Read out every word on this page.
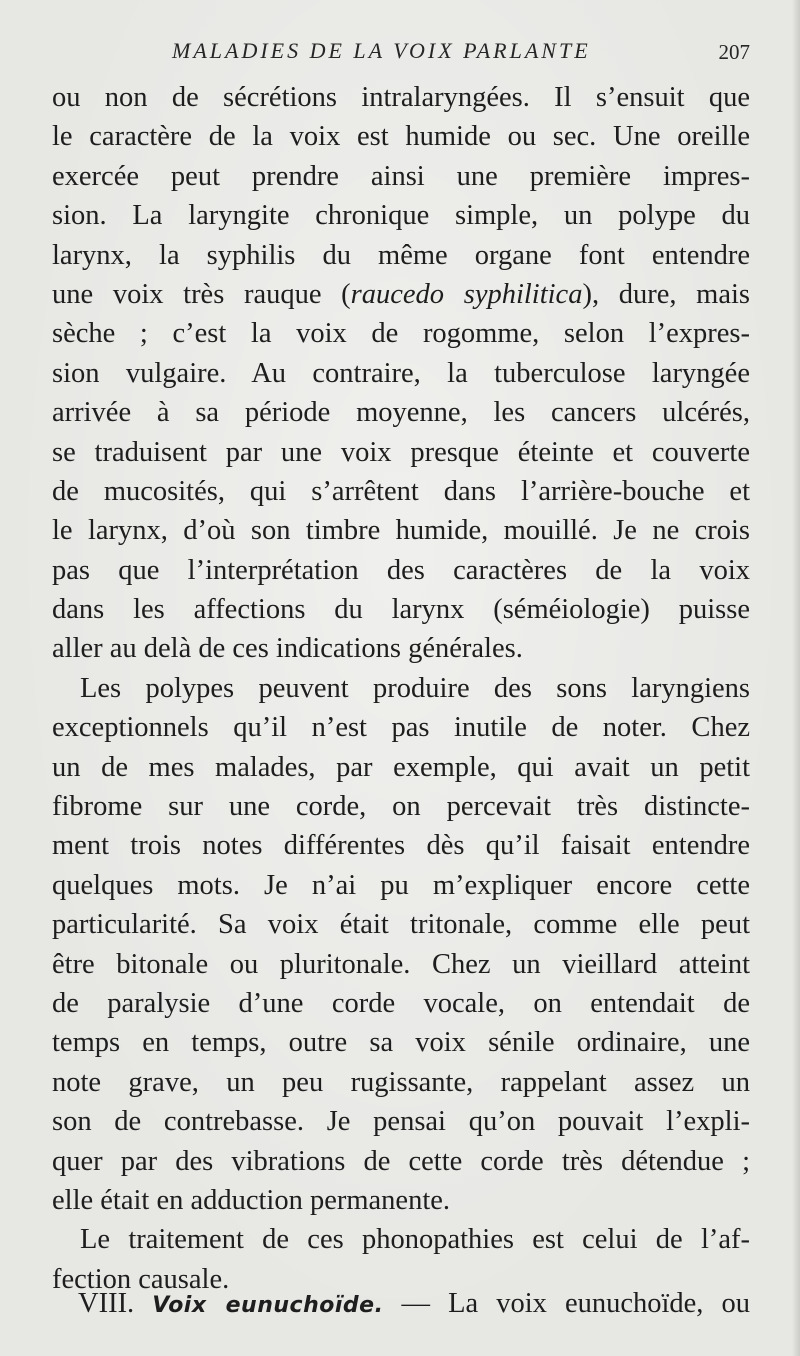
MALADIES DE LA VOIX PARLANTE	207
ou non de sécrétions intralaryngées. Il s’ensuit que
le caractère de la voix est humide ou sec. Une oreille
exercée peut prendre ainsi une première impres-
sion. La laryngite chronique simple, un polype du
larynx, la syphilis du même organe font entendre
une voix très rauque (raucedo syphilitica), dure, mais
sèche ; c’est la voix de rogomme, selon l’expres-
sion vulgaire. Au contraire, la tuberculose laryngée
arrivée à sa période moyenne, les cancers ulcérés,
se traduisent par une voix presque éteinte et couverte
de mucosités, qui s’arrêtent dans l’arrière-bouche et
le larynx, d’où son timbre humide, mouillé. Je ne crois
pas que l’interprétation des caractères de la voix
dans les affections du larynx (séméiologie) puisse
aller au delà de ces indications générales.
Les polypes peuvent produire des sons laryngiens
exceptionnels qu’il n’est pas inutile de noter. Chez
un de mes malades, par exemple, qui avait un petit
fibrome sur une corde, on percevait très distincte-
ment trois notes différentes dès qu’il faisait entendre
quelques mots. Je n’ai pu m’expliquer encore cette
particularité. Sa voix était tritonale, comme elle peut
être bitonale ou pluritonale. Chez un vieillard atteint
de paralysie d’une corde vocale, on entendait de
temps en temps, outre sa voix sénile ordinaire, une
note grave, un peu rugissante, rappelant assez un
son de contrebasse. Je pensai qu’on pouvait l’expli-
quer par des vibrations de cette corde très détendue ;
elle était en adduction permanente.
Le traitement de ces phonopathies est celui de l’af-
fection causale.
VIII. Voix eunuchoïde. — La voix eunuchoïde, ou
